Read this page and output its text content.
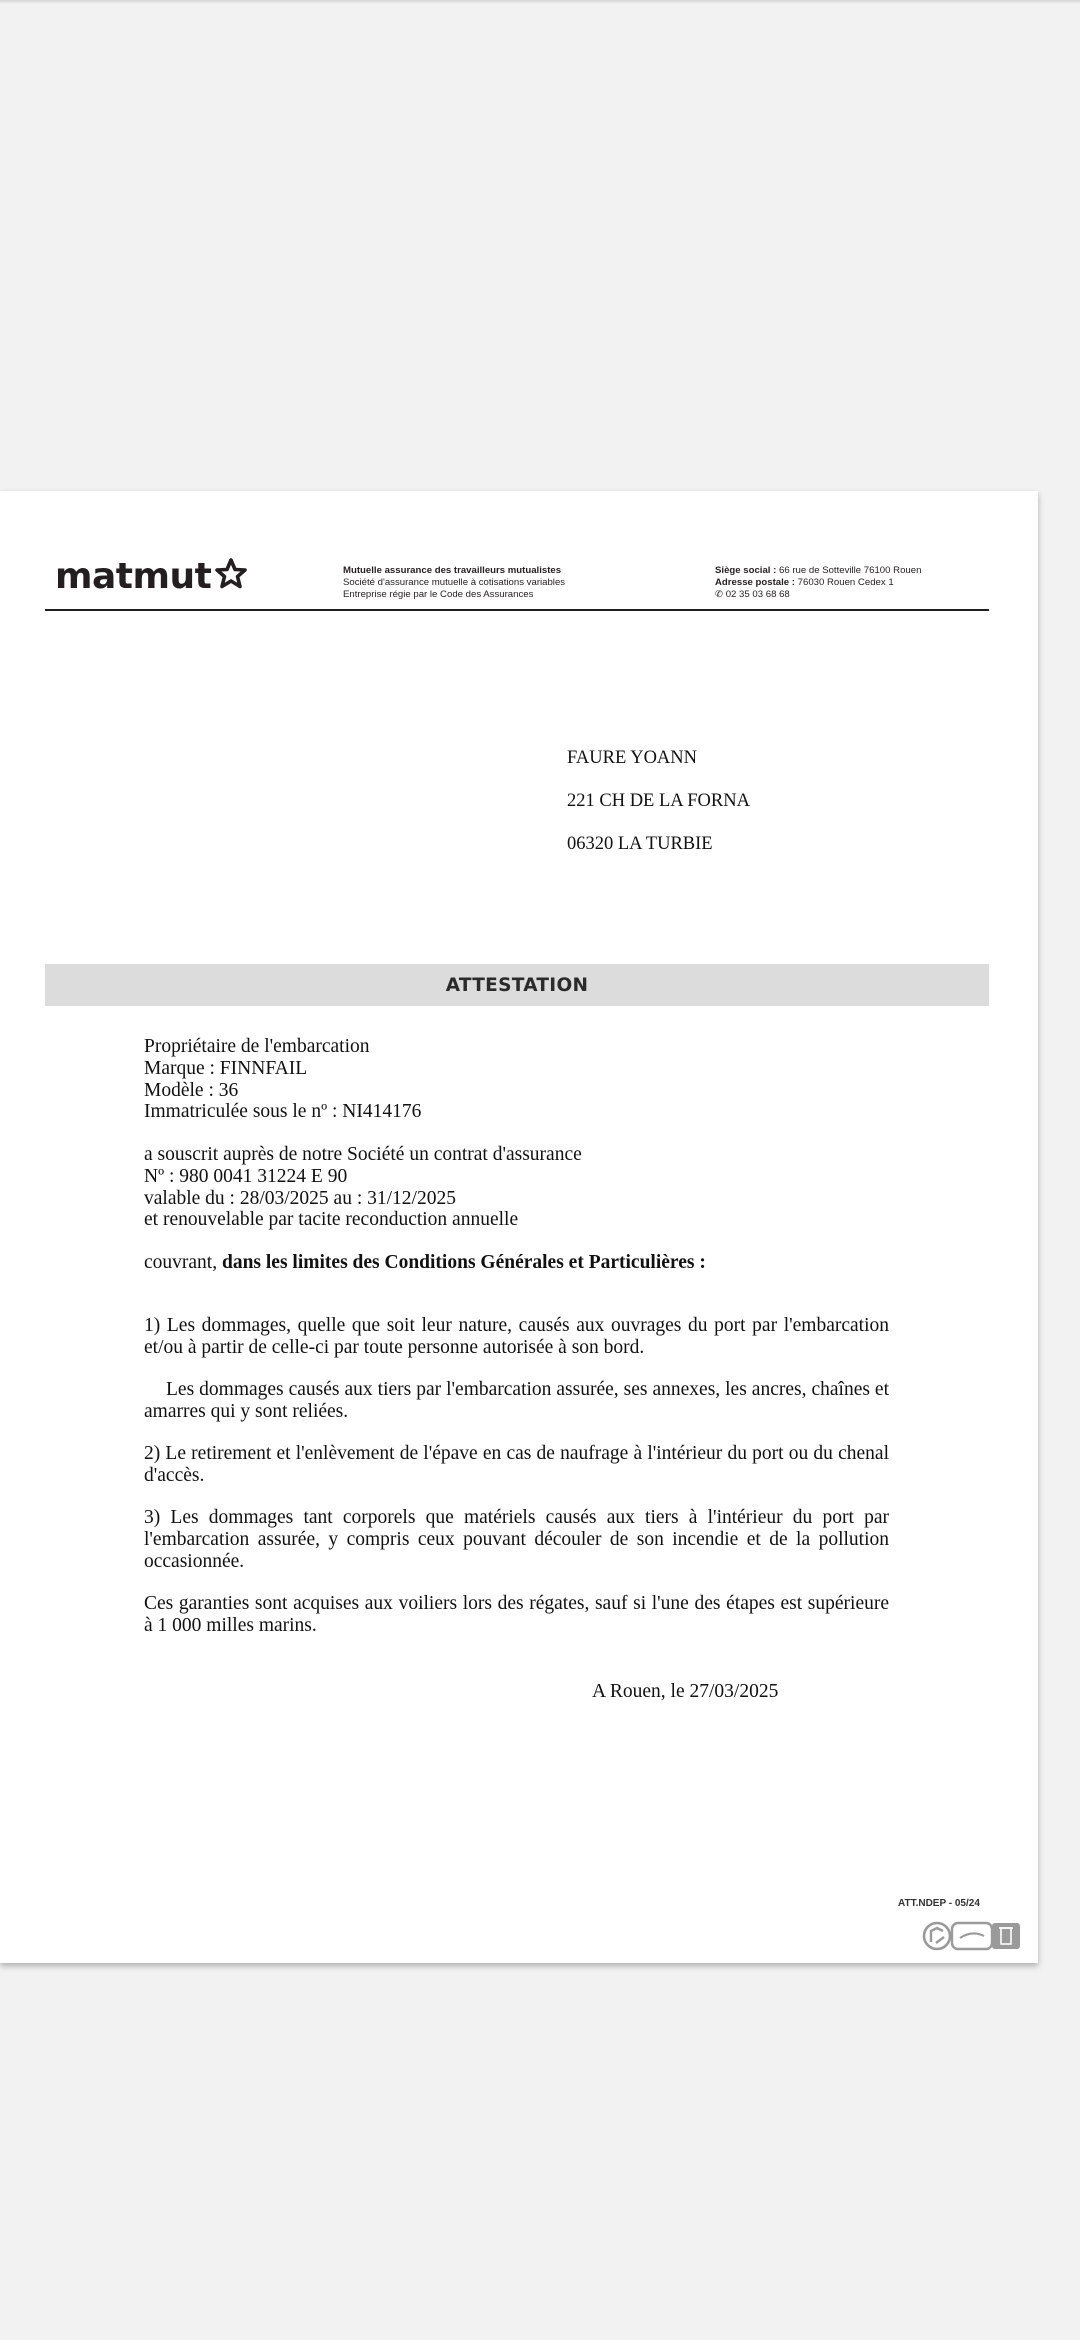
matmut	Mutuelle assurance des travailleurs mutualistes
Société d'assurance mutuelle à cotisations variables
Entreprise régie par le Code des Assurances
Siège social : 66 rue de Sotteville 76100 Rouen
Adresse postale : 76030 Rouen Cedex 1
✆ 02 35 03 68 68
FAURE YOANN
221 CH DE LA FORNA
06320 LA TURBIE
ATTESTATION

Propriétaire de l'embarcation

Marque : FINNFAIL

Modèle : 36

Immatriculée sous le nº : NI414176

a souscrit auprès de notre Société un contrat d'assurance

Nº : 980 0041 31224 E 90

valable du : 28/03/2025 au : 31/12/2025

et renouvelable par tacite reconduction annuelle

couvrant, dans les limites des Conditions Générales et Particulières :

1) Les dommages, quelle que soit leur nature, causés aux ouvrages du port par l'embarcation et/ou à partir de celle-ci par toute personne autorisée à son bord.
Les dommages causés aux tiers par l'embarcation assurée, ses annexes, les ancres, chaînes et amarres qui y sont reliées.
2) Le retirement et l'enlèvement de l'épave en cas de naufrage à l'intérieur du port ou du chenal d'accès.
3) Les dommages tant corporels que matériels causés aux tiers à l'intérieur du port par l'embarcation assurée, y compris ceux pouvant découler de son incendie et de la pollution occasionnée.
Ces garanties sont acquises aux voiliers lors des régates, sauf si l'une des étapes est supérieure à 1 000 milles marins.
A Rouen, le 27/03/2025
ATT.NDEP - 05/24
